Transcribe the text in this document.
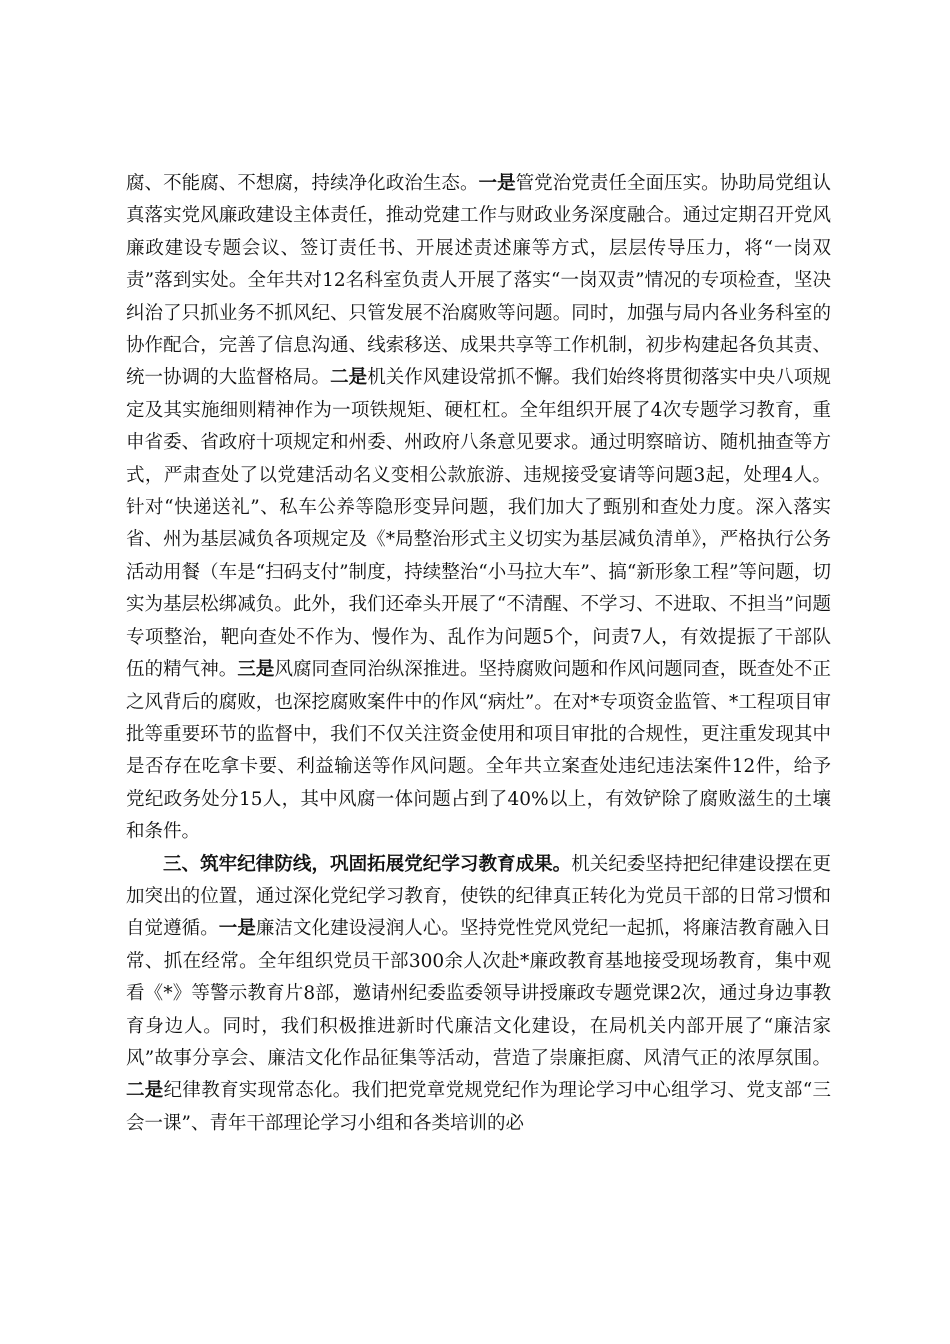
腐、不能腐、不想腐，持续净化政治生态。一是管党治党责任全面压实。协助局党组认真落实党风廉政建设主体责任，推动党建工作与财政业务深度融合。通过定期召开党风廉政建设专题会议、签订责任书、开展述责述廉等方式，层层传导压力，将“一岗双责”落到实处。全年共对12名科室负责人开展了落实“一岗双责”情况的专项检查，坚决纠治了只抓业务不抓风纪、只管发展不治腐败等问题。同时，加强与局内各业务科室的协作配合，完善了信息沟通、线索移送、成果共享等工作机制，初步构建起各负其责、统一协调的大监督格局。二是机关作风建设常抓不懈。我们始终将贯彻落实中央八项规定及其实施细则精神作为一项铁规矩、硬杠杠。全年组织开展了4次专题学习教育，重申省委、省政府十项规定和州委、州政府八条意见要求。通过明察暗访、随机抽查等方式，严肃查处了以党建活动名义变相公款旅游、违规接受宴请等问题3起，处理4人。针对“快递送礼”、私车公养等隐形变异问题，我们加大了甄别和查处力度。深入落实省、州为基层减负各项规定及《*局整治形式主义切实为基层减负清单》，严格执行公务活动用餐（车是“扫码支付”制度，持续整治“小马拉大车”、搞“新形象工程”等问题，切实为基层松绑减负。此外，我们还牵头开展了“不清醒、不学习、不进取、不担当”问题专项整治，靶向查处不作为、慢作为、乱作为问题5个，问责7人，有效提振了干部队伍的精气神。三是风腐同查同治纵深推进。坚持腐败问题和作风问题同查，既查处不正之风背后的腐败，也深挖腐败案件中的作风“病灶”。在对*专项资金监管、*工程项目审批等重要环节的监督中，我们不仅关注资金使用和项目审批的合规性，更注重发现其中是否存在吃拿卡要、利益输送等作风问题。全年共立案查处违纪违法案件12件，给予党纪政务处分15人，其中风腐一体问题占到了40%以上，有效铲除了腐败滋生的土壤和条件。

三、筑牢纪律防线，巩固拓展党纪学习教育成果。机关纪委坚持把纪律建设摆在更加突出的位置，通过深化党纪学习教育，使铁的纪律真正转化为党员干部的日常习惯和自觉遵循。一是廉洁文化建设浸润人心。坚持党性党风党纪一起抓，将廉洁教育融入日常、抓在经常。全年组织党员干部300余人次赴*廉政教育基地接受现场教育，集中观看《*》等警示教育片8部，邀请州纪委监委领导讲授廉政专题党课2次，通过身边事教育身边人。同时，我们积极推进新时代廉洁文化建设，在局机关内部开展了“廉洁家风”故事分享会、廉洁文化作品征集等活动，营造了崇廉拒腐、风清气正的浓厚氛围。二是纪律教育实现常态化。我们把党章党规党纪作为理论学习中心组学习、党支部“三会一课”、青年干部理论学习小组和各类培训的必
